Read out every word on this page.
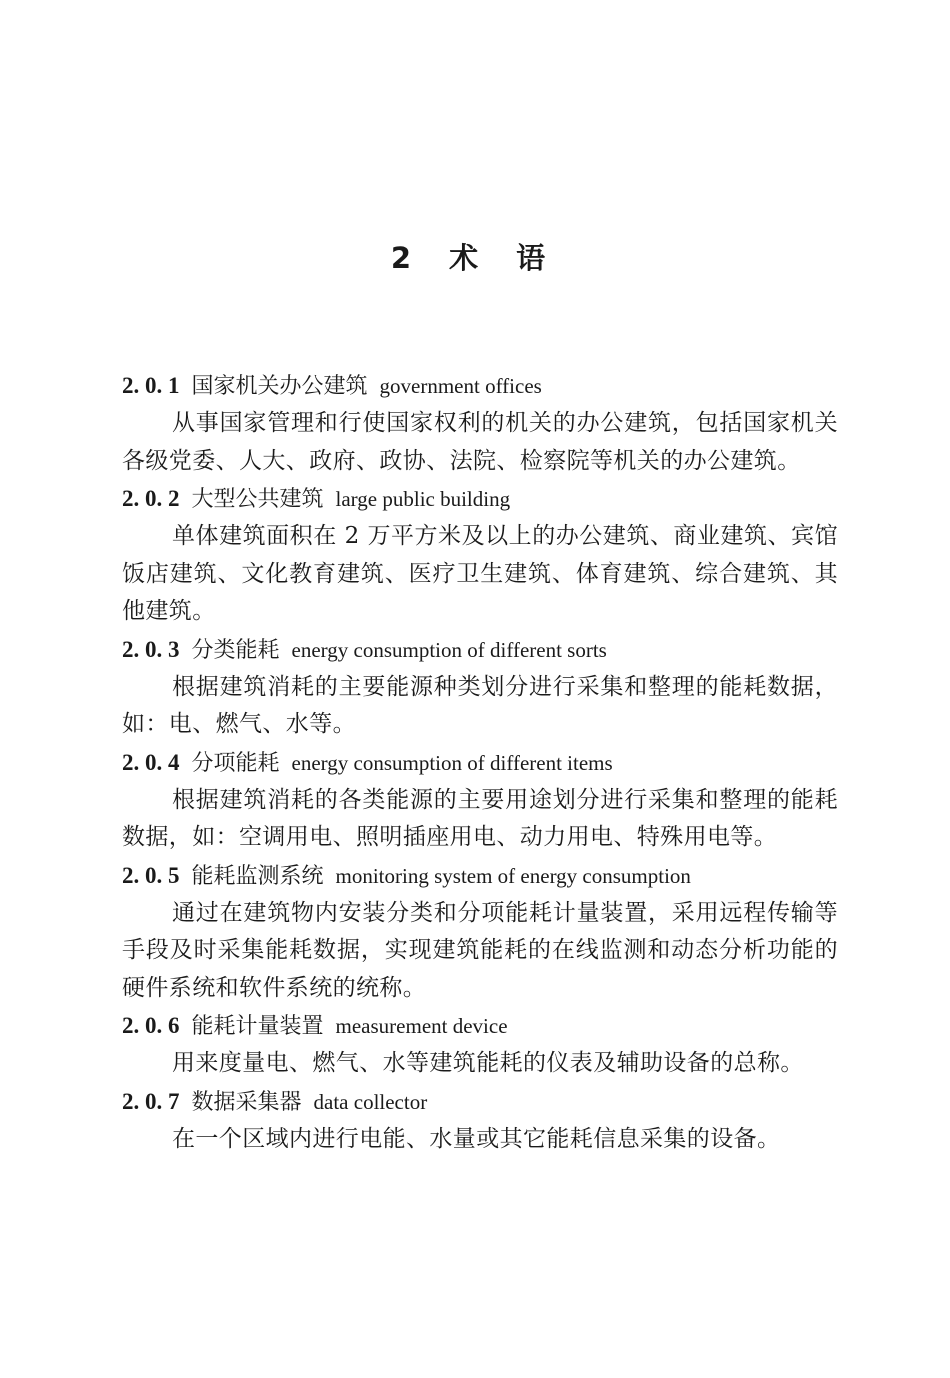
2 术 语
2. 0. 1 国家机关办公建筑 government offices

从事国家管理和行使国家权利的机关的办公建筑，包括国家机关各级党委、人大、政府、政协、法院、检察院等机关的办公建筑。

2. 0. 2 大型公共建筑 large public building

单体建筑面积在 2 万平方米及以上的办公建筑、商业建筑、宾馆饭店建筑、文化教育建筑、医疗卫生建筑、体育建筑、综合建筑、其他建筑。

2. 0. 3 分类能耗 energy consumption of different sorts

根据建筑消耗的主要能源种类划分进行采集和整理的能耗数据，如：电、燃气、水等。

2. 0. 4 分项能耗 energy consumption of different items

根据建筑消耗的各类能源的主要用途划分进行采集和整理的能耗数据，如：空调用电、照明插座用电、动力用电、特殊用电等。

2. 0. 5 能耗监测系统 monitoring system of energy consumption

通过在建筑物内安装分类和分项能耗计量装置，采用远程传输等手段及时采集能耗数据，实现建筑能耗的在线监测和动态分析功能的硬件系统和软件系统的统称。

2. 0. 6 能耗计量装置 measurement device

用来度量电、燃气、水等建筑能耗的仪表及辅助设备的总称。

2. 0. 7 数据采集器 data collector

在一个区域内进行电能、水量或其它能耗信息采集的设备。
